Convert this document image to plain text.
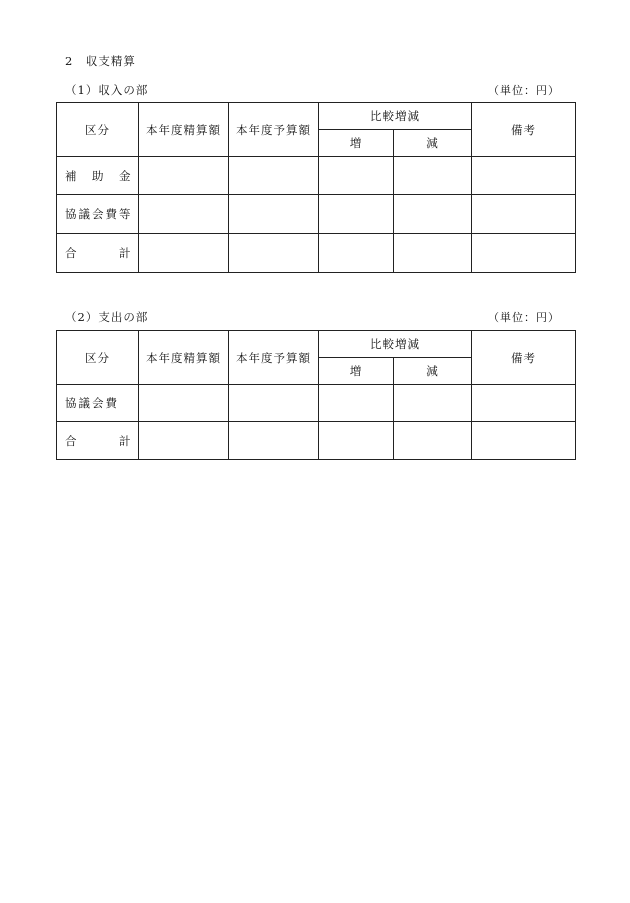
2　収支精算
（1）収入の部	（単位：円）
区分	本年度精算額	本年度予算額	比較増減		備考
			増	減	
補　助　金					
協議会費等					
合　　　計					
（2）支出の部	（単位：円）
区分	本年度精算額	本年度予算額	比較増減		備考
			増	減	
協議会費					
合　　　計					
